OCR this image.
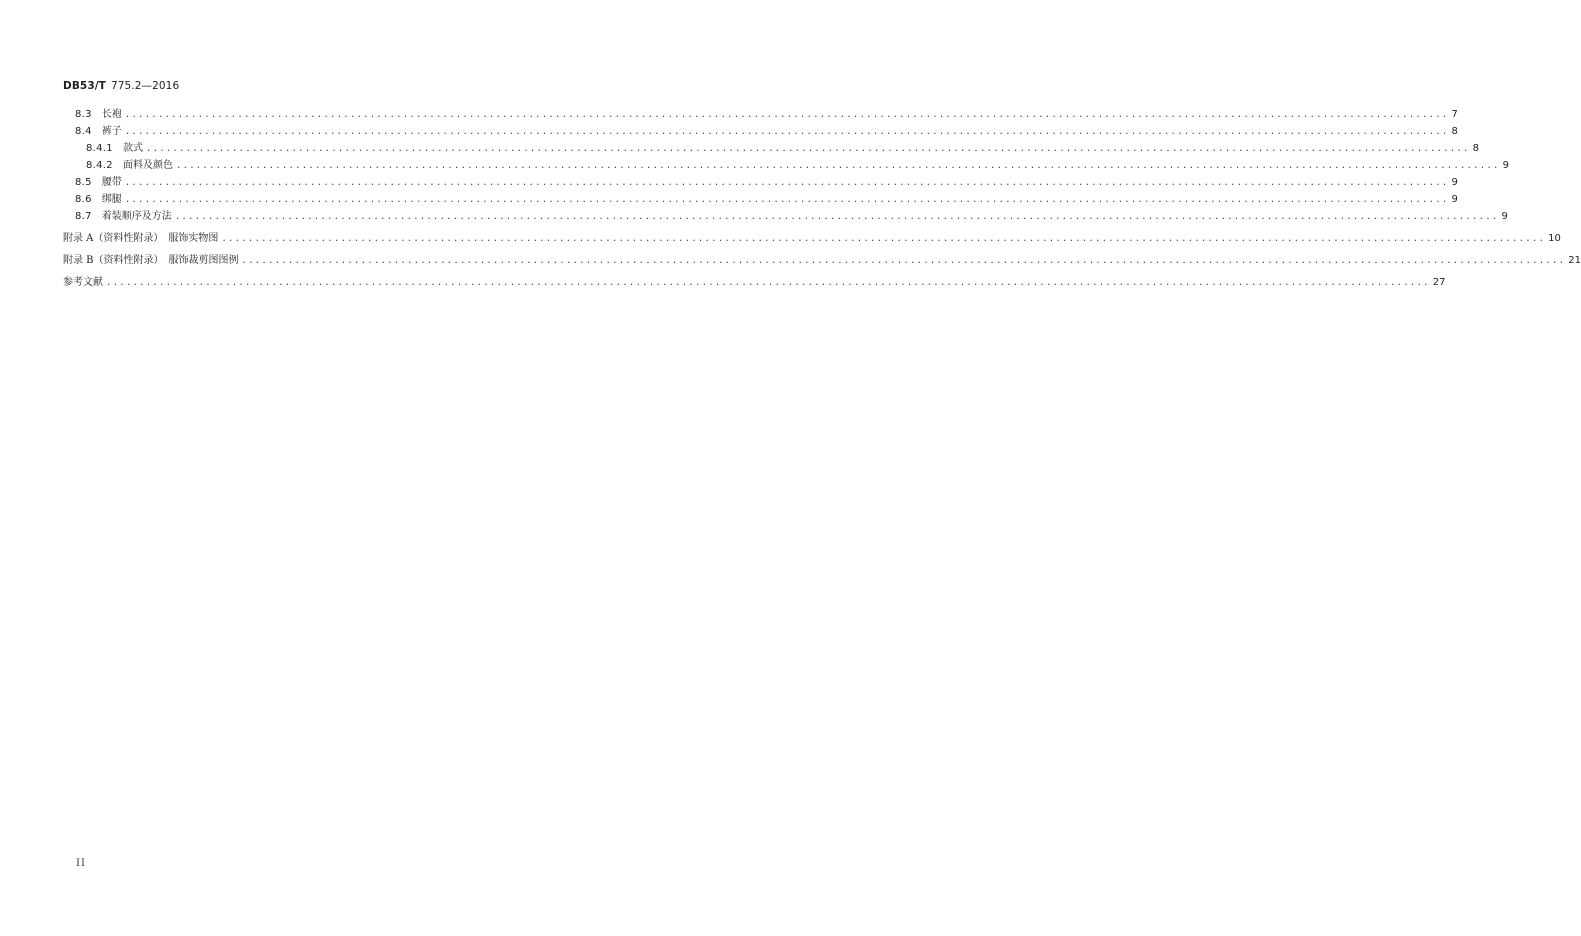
DB53/T 775.2—2016
8.3 长袍 ........................................................................................................................................................................................................ 7
8.4 裤子 ........................................................................................................................................................................................................ 8
8.4.1 款式 ........................................................................................................................................................................................................ 8
8.4.2 面料及颜色 ........................................................................................................................................................................................................ 9
8.5 腰带 ........................................................................................................................................................................................................ 9
8.6 绑腿 ........................................................................................................................................................................................................ 9
8.7 着装顺序及方法 ........................................................................................................................................................................................................ 9
附录 A（资料性附录）　服饰实物图 ........................................................................................................................................................................................................ 10
附录 B（资料性附录）　服饰裁剪图图例 ........................................................................................................................................................................................................ 21
参考文献 ........................................................................................................................................................................................................ 27
II
